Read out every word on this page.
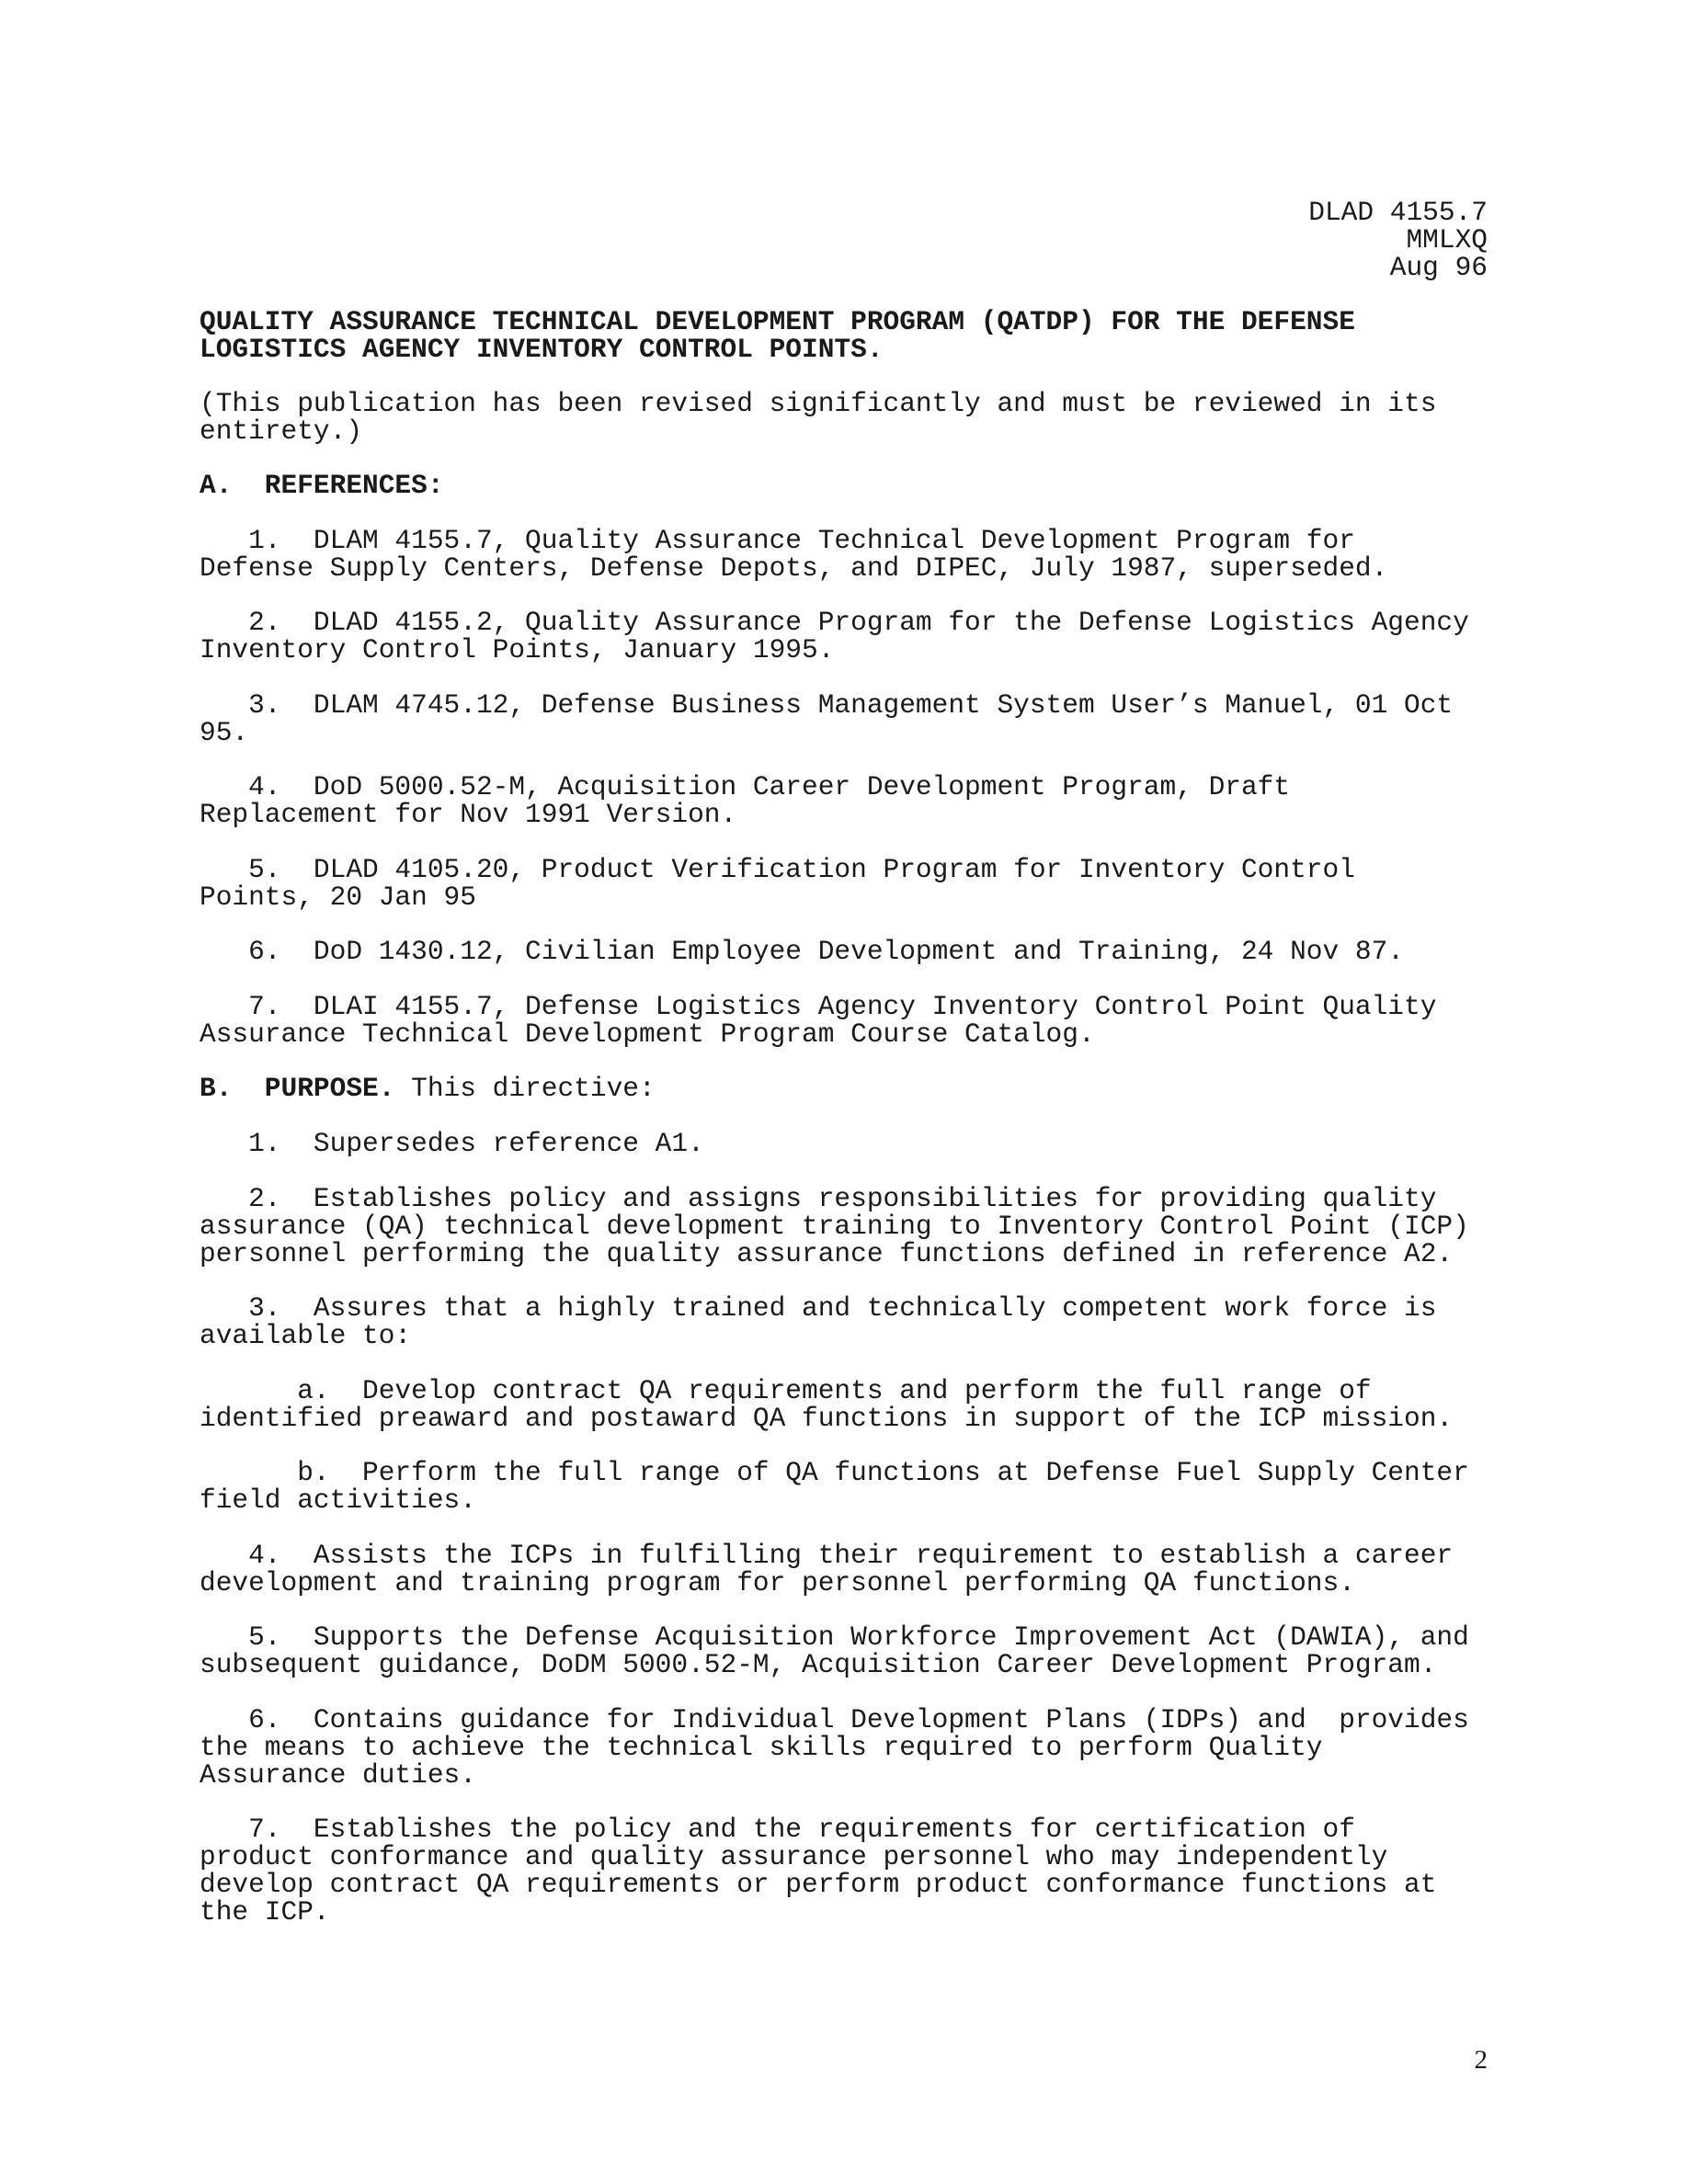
DLAD 4155.7
MMLXQ
Aug 96
QUALITY ASSURANCE TECHNICAL DEVELOPMENT PROGRAM (QATDP) FOR THE DEFENSE
LOGISTICS AGENCY INVENTORY CONTROL POINTS.
(This publication has been revised significantly and must be reviewed in its
entirety.)
A.  REFERENCES:
1.  DLAM 4155.7, Quality Assurance Technical Development Program for
Defense Supply Centers, Defense Depots, and DIPEC, July 1987, superseded.
2.  DLAD 4155.2, Quality Assurance Program for the Defense Logistics Agency
Inventory Control Points, January 1995.
3.  DLAM 4745.12, Defense Business Management System User’s Manuel, 01 Oct
95.
4.  DoD 5000.52-M, Acquisition Career Development Program, Draft
Replacement for Nov 1991 Version.
5.  DLAD 4105.20, Product Verification Program for Inventory Control
Points, 20 Jan 95
6.  DoD 1430.12, Civilian Employee Development and Training, 24 Nov 87.
7.  DLAI 4155.7, Defense Logistics Agency Inventory Control Point Quality
Assurance Technical Development Program Course Catalog.
B.  PURPOSE. This directive:
1.  Supersedes reference A1.
2.  Establishes policy and assigns responsibilities for providing quality
assurance (QA) technical development training to Inventory Control Point (ICP)
personnel performing the quality assurance functions defined in reference A2.
3.  Assures that a highly trained and technically competent work force is
available to:
a.  Develop contract QA requirements and perform the full range of
identified preaward and postaward QA functions in support of the ICP mission.
b.  Perform the full range of QA functions at Defense Fuel Supply Center
field activities.
4.  Assists the ICPs in fulfilling their requirement to establish a career
development and training program for personnel performing QA functions.
5.  Supports the Defense Acquisition Workforce Improvement Act (DAWIA), and
subsequent guidance, DoDM 5000.52-M, Acquisition Career Development Program.
6.  Contains guidance for Individual Development Plans (IDPs) and  provides
the means to achieve the technical skills required to perform Quality
Assurance duties.
7.  Establishes the policy and the requirements for certification of
product conformance and quality assurance personnel who may independently
develop contract QA requirements or perform product conformance functions at
the ICP.
2
